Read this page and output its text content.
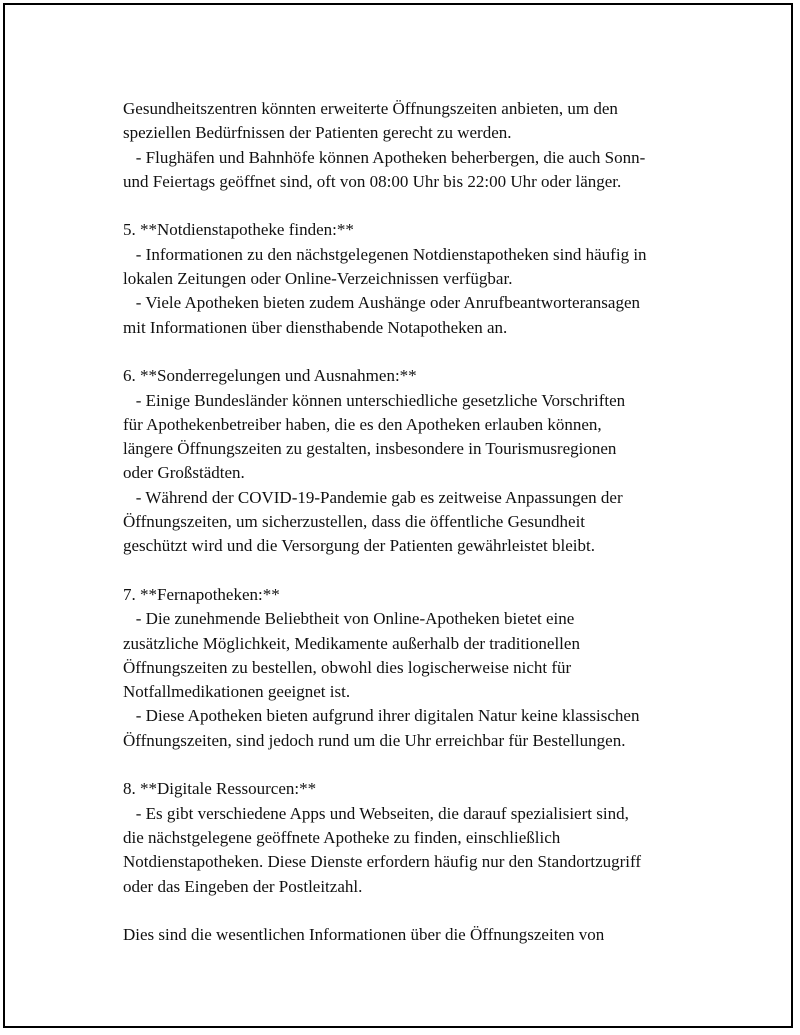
Gesundheitszentren könnten erweiterte Öffnungszeiten anbieten, um den
speziellen Bedürfnissen der Patienten gerecht zu werden.
- Flughäfen und Bahnhöfe können Apotheken beherbergen, die auch Sonn-
und Feiertags geöffnet sind, oft von 08:00 Uhr bis 22:00 Uhr oder länger.
5. **Notdienstapotheke finden:**
- Informationen zu den nächstgelegenen Notdienstapotheken sind häufig in
lokalen Zeitungen oder Online-Verzeichnissen verfügbar.
- Viele Apotheken bieten zudem Aushänge oder Anrufbeantworteransagen
mit Informationen über diensthabende Notapotheken an.
6. **Sonderregelungen und Ausnahmen:**
- Einige Bundesländer können unterschiedliche gesetzliche Vorschriften
für Apothekenbetreiber haben, die es den Apotheken erlauben können,
längere Öffnungszeiten zu gestalten, insbesondere in Tourismusregionen
oder Großstädten.
- Während der COVID-19-Pandemie gab es zeitweise Anpassungen der
Öffnungszeiten, um sicherzustellen, dass die öffentliche Gesundheit
geschützt wird und die Versorgung der Patienten gewährleistet bleibt.
7. **Fernapotheken:**
- Die zunehmende Beliebtheit von Online-Apotheken bietet eine
zusätzliche Möglichkeit, Medikamente außerhalb der traditionellen
Öffnungszeiten zu bestellen, obwohl dies logischerweise nicht für
Notfallmedikationen geeignet ist.
- Diese Apotheken bieten aufgrund ihrer digitalen Natur keine klassischen
Öffnungszeiten, sind jedoch rund um die Uhr erreichbar für Bestellungen.
8. **Digitale Ressourcen:**
- Es gibt verschiedene Apps und Webseiten, die darauf spezialisiert sind,
die nächstgelegene geöffnete Apotheke zu finden, einschließlich
Notdienstapotheken. Diese Dienste erfordern häufig nur den Standortzugriff
oder das Eingeben der Postleitzahl.
Dies sind die wesentlichen Informationen über die Öffnungszeiten von
